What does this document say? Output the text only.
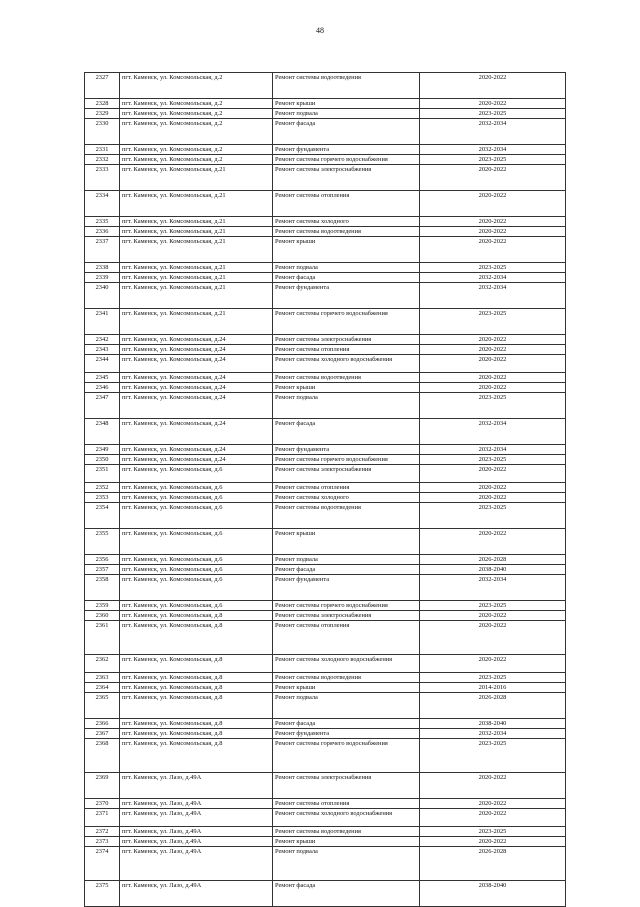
48
2327	пгт. Каменск, ул. Комсомольская, д.2	Ремонт системы водоотведения	2020-2022
2328	пгт. Каменск, ул. Комсомольская, д.2	Ремонт крыши	2020-2022
2329	пгт. Каменск, ул. Комсомольская, д.2	Ремонт подвала	2023-2025
2330	пгт. Каменск, ул. Комсомольская, д.2	Ремонт фасада	2032-2034
2331	пгт. Каменск, ул. Комсомольская, д.2	Ремонт фундамента	2032-2034
2332	пгт. Каменск, ул. Комсомольская, д.2	Ремонт системы горячего водоснабжения	2023-2025
2333	пгт. Каменск, ул. Комсомольская, д.21	Ремонт системы электроснабжения	2020-2022
2334	пгт. Каменск, ул. Комсомольская, д.21	Ремонт системы отопления	2020-2022
2335	пгт. Каменск, ул. Комсомольская, д.21	Ремонт системы холодного	2020-2022
2336	пгт. Каменск, ул. Комсомольская, д.21	Ремонт системы водоотведения	2020-2022
2337	пгт. Каменск, ул. Комсомольская, д.21	Ремонт крыши	2020-2022
2338	пгт. Каменск, ул. Комсомольская, д.21	Ремонт подвала	2023-2025
2339	пгт. Каменск, ул. Комсомольская, д.21	Ремонт фасада	2032-2034
2340	пгт. Каменск, ул. Комсомольская, д.21	Ремонт фундамента	2032-2034
2341	пгт. Каменск, ул. Комсомольская, д.21	Ремонт системы горячего водоснабжения	2023-2025
2342	пгт. Каменск, ул. Комсомольская, д.24	Ремонт системы электроснабжения	2020-2022
2343	пгт. Каменск, ул. Комсомольская, д.24	Ремонт системы отопления	2020-2022
2344	пгт. Каменск, ул. Комсомольская, д.24	Ремонт системы холодного водоснабжения	2020-2022
2345	пгт. Каменск, ул. Комсомольская, д.24	Ремонт системы водоотведения	2020-2022
2346	пгт. Каменск, ул. Комсомольская, д.24	Ремонт крыши	2020-2022
2347	пгт. Каменск, ул. Комсомольская, д.24	Ремонт подвала	2023-2025
2348	пгт. Каменск, ул. Комсомольская, д.24	Ремонт фасада	2032-2034
2349	пгт. Каменск, ул. Комсомольская, д.24	Ремонт фундамента	2032-2034
2350	пгт. Каменск, ул. Комсомольская, д.24	Ремонт системы горячего водоснабжения	2023-2025
2351	пгт. Каменск, ул. Комсомольская, д.6	Ремонт системы электроснабжения	2020-2022
2352	пгт. Каменск, ул. Комсомольская, д.6	Ремонт системы отопления	2020-2022
2353	пгт. Каменск, ул. Комсомольская, д.6	Ремонт системы холодного	2020-2022
2354	пгт. Каменск, ул. Комсомольская, д.6	Ремонт системы водоотведения	2023-2025
2355	пгт. Каменск, ул. Комсомольская, д.6	Ремонт крыши	2020-2022
2356	пгт. Каменск, ул. Комсомольская, д.6	Ремонт подвала	2026-2028
2357	пгт. Каменск, ул. Комсомольская, д.6	Ремонт фасада	2038-2040
2358	пгт. Каменск, ул. Комсомольская, д.6	Ремонт фундамента	2032-2034
2359	пгт. Каменск, ул. Комсомольская, д.6	Ремонт системы горячего водоснабжения	2023-2025
2360	пгт. Каменск, ул. Комсомольская, д.8	Ремонт системы электроснабжения	2020-2022
2361	пгт. Каменск, ул. Комсомольская, д.8	Ремонт системы отопления	2020-2022
2362	пгт. Каменск, ул. Комсомольская, д.8	Ремонт системы холодного водоснабжения	2020-2022
2363	пгт. Каменск, ул. Комсомольская, д.8	Ремонт системы водоотведения	2023-2025
2364	пгт. Каменск, ул. Комсомольская, д.8	Ремонт крыши	2014-2016
2365	пгт. Каменск, ул. Комсомольская, д.8	Ремонт подвала	2026-2028
2366	пгт. Каменск, ул. Комсомольская, д.8	Ремонт фасада	2038-2040
2367	пгт. Каменск, ул. Комсомольская, д.8	Ремонт фундамента	2032-2034
2368	пгт. Каменск, ул. Комсомольская, д.8	Ремонт системы горячего водоснабжения	2023-2025
2369	пгт. Каменск, ул. Лазо, д.49А	Ремонт системы электроснабжения	2020-2022
2370	пгт. Каменск, ул. Лазо, д.49А	Ремонт системы отопления	2020-2022
2371	пгт. Каменск, ул. Лазо, д.49А	Ремонт системы холодного водоснабжения	2020-2022
2372	пгт. Каменск, ул. Лазо, д.49А	Ремонт системы водоотведения	2023-2025
2373	пгт. Каменск, ул. Лазо, д.49А	Ремонт крыши	2020-2022
2374	пгт. Каменск, ул. Лазо, д.49А	Ремонт подвала	2026-2028
2375	пгт. Каменск, ул. Лазо, д.49А	Ремонт фасада	2038-2040
